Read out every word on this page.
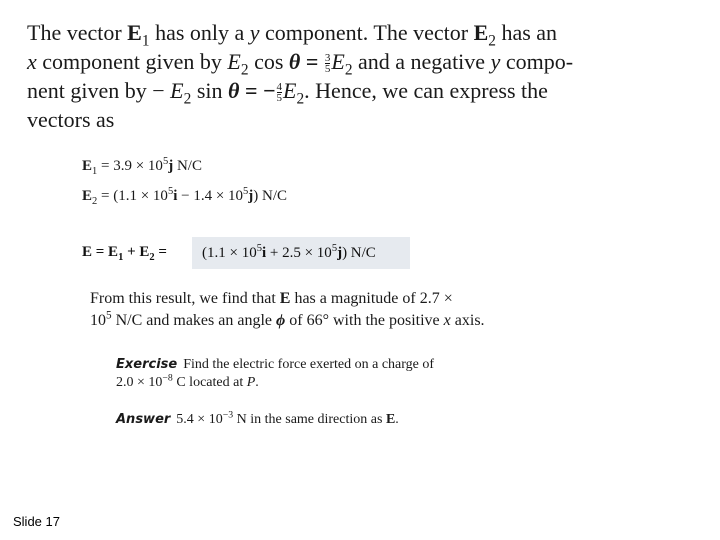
The vector $E_1$ has only a y component. The vector $E_2$ has an

x component given by $E_2$ $\cos \theta = \frac{3}{5} E_2$ and a negative y compo-

nent given by − $E_2$ sin θ = − $\frac{4}{5} E_2$. Hence, we can express the

vectors as

$E_1 = 3.9 \times 10^5j$ N/C
$E_2 = (1.1 \times 10^5i - 1.4 \times 10^5j)$ N/C
$E = E_1 + E_2$ =	$(1.1 \times 10^5i + 2.5 \times 10^5j)$ N/C

From this result, we find that E has a magnitude of 2.7 ×

$10^5$ N/C and makes an angle ϕ of 66° with the positive x axis.

Exercise Find the electric force exerted on a charge of

$2.0 \times 10^{-8}$ C located at P.

Answer $5.4 \times 10^{-3}$ N in the same direction as E.
Slide 17
